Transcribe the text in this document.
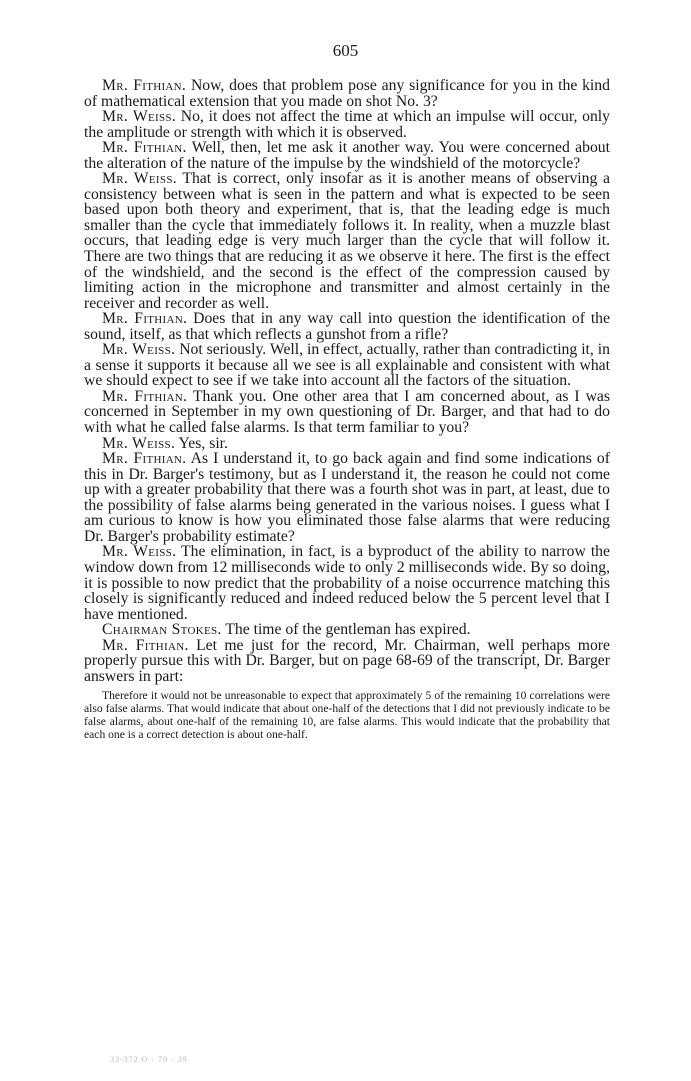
605

Mr. Fithian. Now, does that problem pose any significance for you in the kind of mathematical extension that you made on shot No. 3?

Mr. Weiss. No, it does not affect the time at which an impulse will occur, only the amplitude or strength with which it is observed.

Mr. Fithian. Well, then, let me ask it another way. You were concerned about the alteration of the nature of the impulse by the windshield of the motorcycle?

Mr. Weiss. That is correct, only insofar as it is another means of observing a consistency between what is seen in the pattern and what is expected to be seen based upon both theory and experiment, that is, that the leading edge is much smaller than the cycle that immediately follows it. In reality, when a muzzle blast occurs, that leading edge is very much larger than the cycle that will follow it. There are two things that are reducing it as we observe it here. The first is the effect of the windshield, and the second is the effect of the compression caused by limiting action in the microphone and transmitter and almost certainly in the receiver and recorder as well.

Mr. Fithian. Does that in any way call into question the identification of the sound, itself, as that which reflects a gunshot from a rifle?

Mr. Weiss. Not seriously. Well, in effect, actually, rather than contradicting it, in a sense it supports it because all we see is all explainable and consistent with what we should expect to see if we take into account all the factors of the situation.

Mr. Fithian. Thank you. One other area that I am concerned about, as I was concerned in September in my own questioning of Dr. Barger, and that had to do with what he called false alarms. Is that term familiar to you?

Mr. Weiss. Yes, sir.

Mr. Fithian. As I understand it, to go back again and find some indications of this in Dr. Barger's testimony, but as I understand it, the reason he could not come up with a greater probability that there was a fourth shot was in part, at least, due to the possibility of false alarms being generated in the various noises. I guess what I am curious to know is how you eliminated those false alarms that were reducing Dr. Barger's probability estimate?

Mr. Weiss. The elimination, in fact, is a byproduct of the ability to narrow the window down from 12 milliseconds wide to only 2 milliseconds wide. By so doing, it is possible to now predict that the probability of a noise occurrence matching this closely is significantly reduced and indeed reduced below the 5 percent level that I have mentioned.

Chairman Stokes. The time of the gentleman has expired.

Mr. Fithian. Let me just for the record, Mr. Chairman, well perhaps more properly pursue this with Dr. Barger, but on page 68-69 of the transcript, Dr. Barger answers in part:

Therefore it would not be unreasonable to expect that approximately 5 of the remaining 10 correlations were also false alarms. That would indicate that about one-half of the detections that I did not previously indicate to be false alarms, about one-half of the remaining 10, are false alarms. This would indicate that the probability that each one is a correct detection is about one-half.

33-372 O - 79 - 39
